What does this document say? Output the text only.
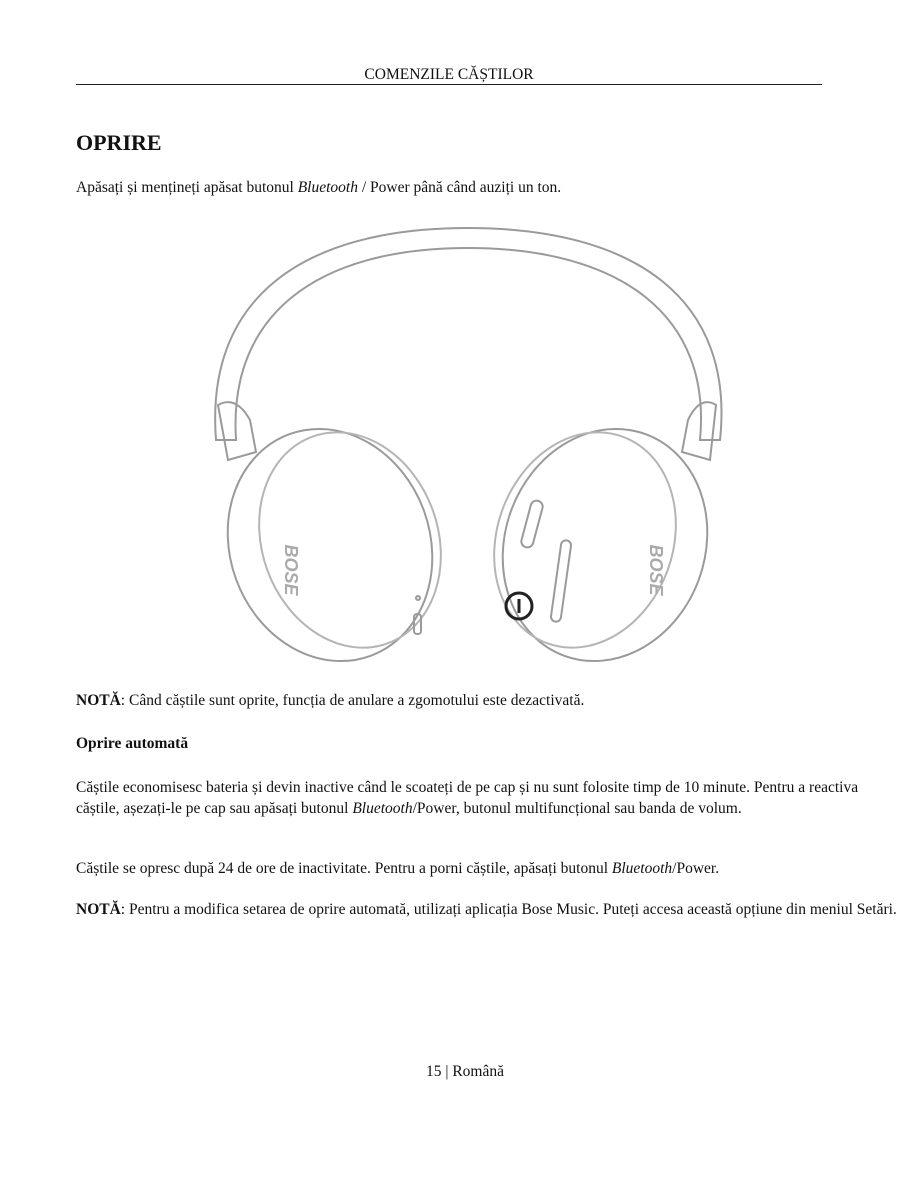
COMENZILE CĂȘTILOR
OPRIRE
Apăsați și mențineți apăsat butonul Bluetooth / Power până când auziți un ton.
BOSE	BOSE
NOTĂ: Când căștile sunt oprite, funcția de anulare a zgomotului este dezactivată.
Oprire automată
Căștile economisesc bateria și devin inactive când le scoateți de pe cap și nu sunt folosite timp de 10 minute. Pentru a reactiva căștile, așezați-le pe cap sau apăsați butonul Bluetooth/Power, butonul multifuncțional sau banda de volum.
Căștile se opresc după 24 de ore de inactivitate. Pentru a porni căștile, apăsați butonul Bluetooth/Power.
NOTĂ: Pentru a modifica setarea de oprire automată, utilizați aplicația Bose Music. Puteți accesa această opțiune din meniul Setări.
15 | Română
